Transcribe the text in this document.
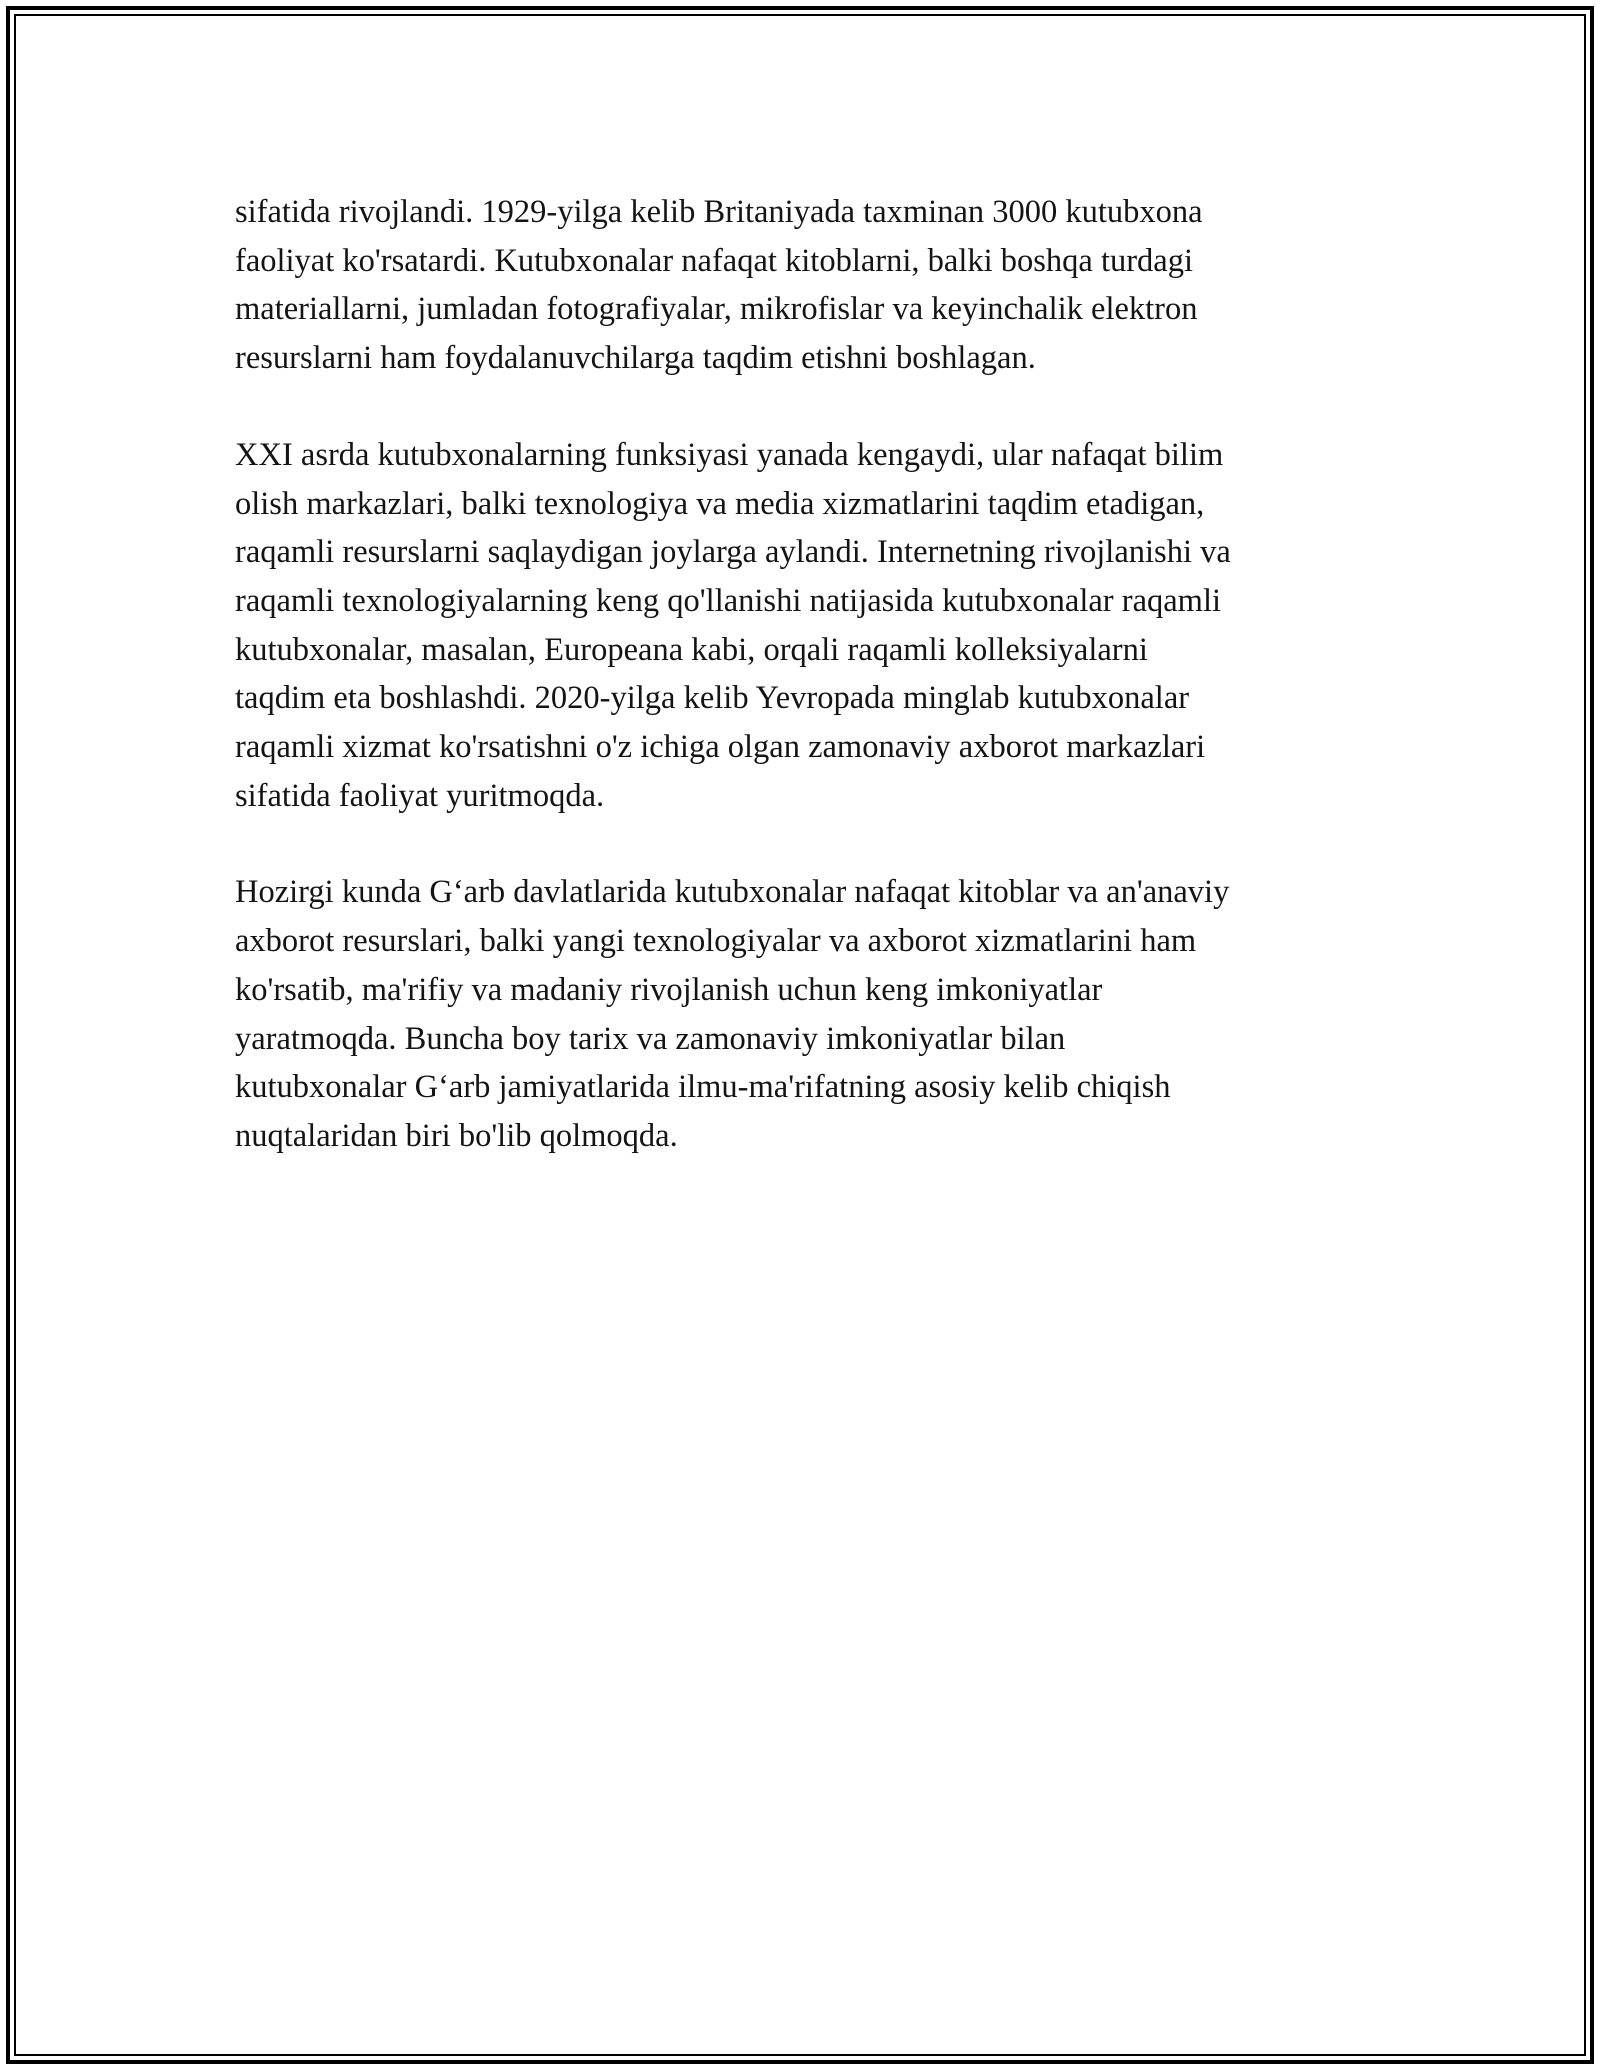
sifatida rivojlandi. 1929-yilga kelib Britaniyada taxminan 3000 kutubxona
faoliyat ko'rsatardi. Kutubxonalar nafaqat kitoblarni, balki boshqa turdagi
materiallarni, jumladan fotografiyalar, mikrofislar va keyinchalik elektron
resurslarni ham foydalanuvchilarga taqdim etishni boshlagan.

XXI asrda kutubxonalarning funksiyasi yanada kengaydi, ular nafaqat bilim
olish markazlari, balki texnologiya va media xizmatlarini taqdim etadigan,
raqamli resurslarni saqlaydigan joylarga aylandi. Internetning rivojlanishi va
raqamli texnologiyalarning keng qo'llanishi natijasida kutubxonalar raqamli
kutubxonalar, masalan, Europeana kabi, orqali raqamli kolleksiyalarni
taqdim eta boshlashdi. 2020-yilga kelib Yevropada minglab kutubxonalar
raqamli xizmat ko'rsatishni o'z ichiga olgan zamonaviy axborot markazlari
sifatida faoliyat yuritmoqda.

Hozirgi kunda G‘arb davlatlarida kutubxonalar nafaqat kitoblar va an'anaviy
axborot resurslari, balki yangi texnologiyalar va axborot xizmatlarini ham
ko'rsatib, ma'rifiy va madaniy rivojlanish uchun keng imkoniyatlar
yaratmoqda. Buncha boy tarix va zamonaviy imkoniyatlar bilan
kutubxonalar G‘arb jamiyatlarida ilmu-ma'rifatning asosiy kelib chiqish
nuqtalaridan biri bo'lib qolmoqda.
